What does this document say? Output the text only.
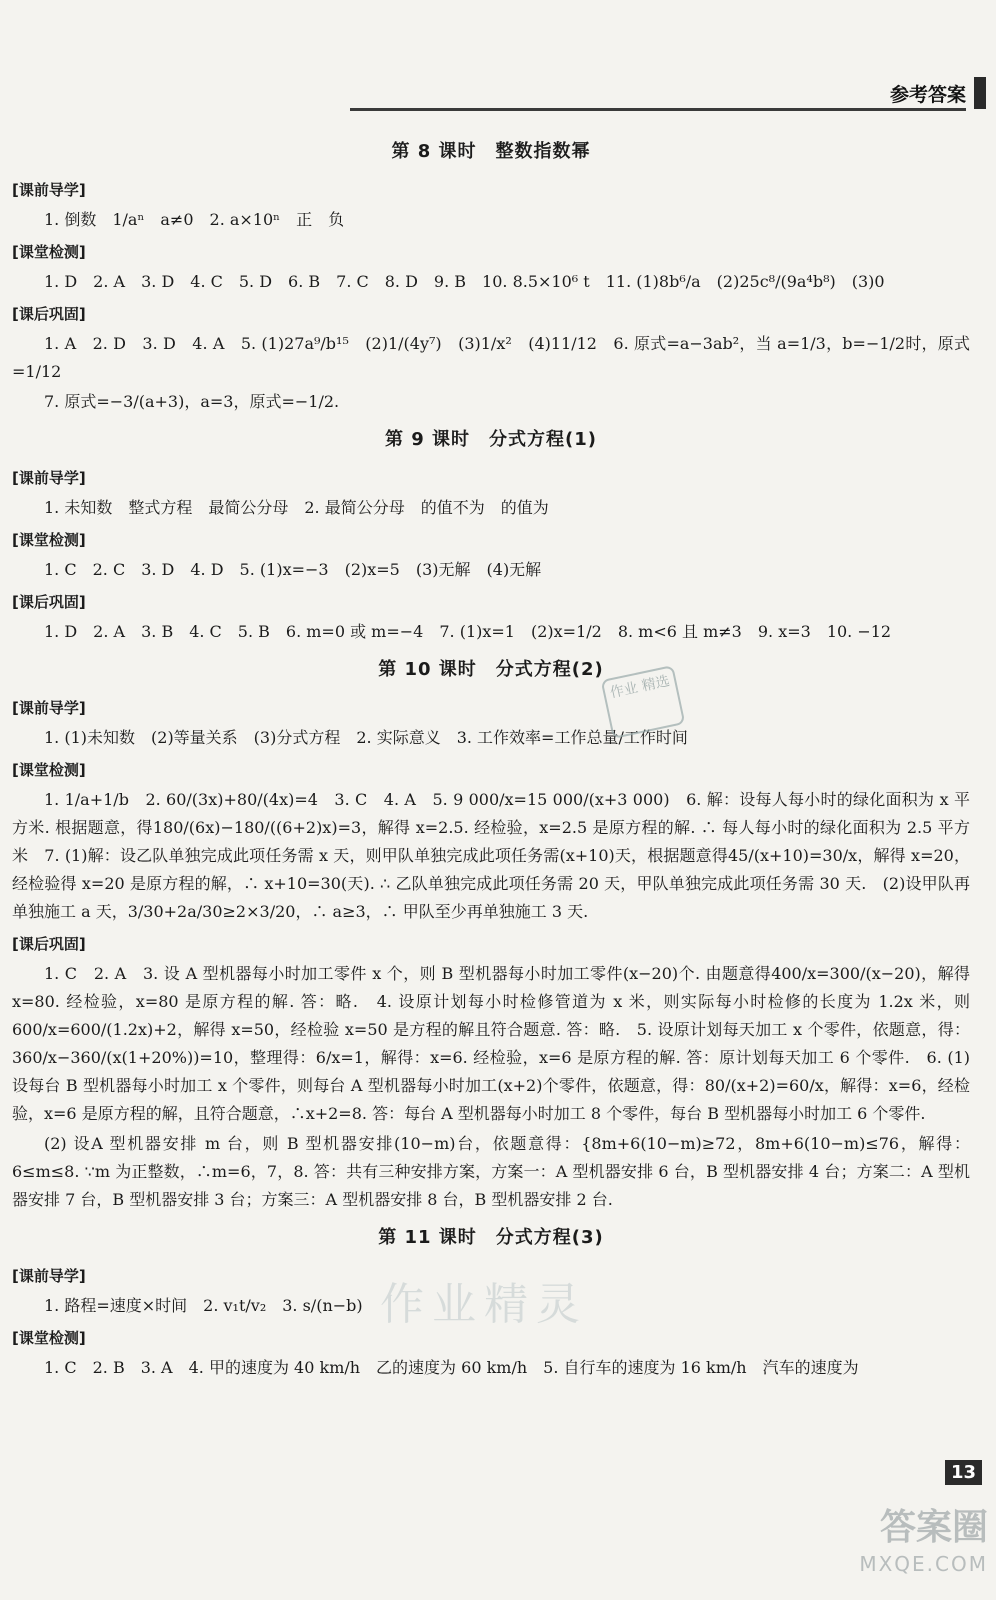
参考答案
第 8 课时　整数指数幂
[课前导学]
1. 倒数　1/aⁿ　a≠0　2. a×10ⁿ　正　负
[课堂检测]
1. D　2. A　3. D　4. C　5. D　6. B　7. C　8. D　9. B　10. 8.5×10⁶ t　11. (1)8b⁶/a　(2)25c⁸/(9a⁴b⁸)　(3)0
[课后巩固]
1. A　2. D　3. D　4. A　5. (1)27a⁹/b¹⁵　(2)1/(4y⁷)　(3)1/x²　(4)11/12　6. 原式=a−3ab²，当 a=1/3，b=−1/2时，原式=1/12
7. 原式=−3/(a+3)，a=3，原式=−1/2.
第 9 课时　分式方程(1)
[课前导学]
1. 未知数　整式方程　最简公分母　2. 最简公分母　的值不为　的值为
[课堂检测]
1. C　2. C　3. D　4. D　5. (1)x=−3　(2)x=5　(3)无解　(4)无解
[课后巩固]
1. D　2. A　3. B　4. C　5. B　6. m=0 或 m=−4　7. (1)x=1　(2)x=1/2　8. m<6 且 m≠3　9. x=3　10. −12
第 10 课时　分式方程(2)
[课前导学]
1. (1)未知数　(2)等量关系　(3)分式方程　2. 实际意义　3. 工作效率=工作总量/工作时间
[课堂检测]
1. 1/a+1/b　2. 60/(3x)+80/(4x)=4　3. C　4. A　5. 9 000/x=15 000/(x+3 000)　6. 解：设每人每小时的绿化面积为 x 平方米. 根据题意，得180/(6x)−180/((6+2)x)=3，解得 x=2.5. 经检验，x=2.5 是原方程的解. ∴ 每人每小时的绿化面积为 2.5 平方米　7. (1)解：设乙队单独完成此项任务需 x 天，则甲队单独完成此项任务需(x+10)天，根据题意得45/(x+10)=30/x，解得 x=20，经检验得 x=20 是原方程的解，∴ x+10=30(天). ∴ 乙队单独完成此项任务需 20 天，甲队单独完成此项任务需 30 天.　(2)设甲队再单独施工 a 天，3/30+2a/30≥2×3/20，∴ a≥3，∴ 甲队至少再单独施工 3 天.
[课后巩固]
1. C　2. A　3. 设 A 型机器每小时加工零件 x 个，则 B 型机器每小时加工零件(x−20)个. 由题意得400/x=300/(x−20)，解得 x=80. 经检验，x=80 是原方程的解. 答：略.　4. 设原计划每小时检修管道为 x 米，则实际每小时检修的长度为 1.2x 米，则600/x=600/(1.2x)+2，解得 x=50，经检验 x=50 是方程的解且符合题意. 答：略.　5. 设原计划每天加工 x 个零件，依题意，得：360/x−360/(x(1+20%))=10，整理得：6/x=1，解得：x=6. 经检验，x=6 是原方程的解. 答：原计划每天加工 6 个零件.　6. (1) 设每台 B 型机器每小时加工 x 个零件，则每台 A 型机器每小时加工(x+2)个零件，依题意，得：80/(x+2)=60/x，解得：x=6，经检验，x=6 是原方程的解，且符合题意，∴x+2=8. 答：每台 A 型机器每小时加工 8 个零件，每台 B 型机器每小时加工 6 个零件.
(2) 设A 型机器安排 m 台，则 B 型机器安排(10−m)台，依题意得：{8m+6(10−m)≥72，8m+6(10−m)≤76，解得：6≤m≤8. ∵m 为正整数，∴m=6，7，8. 答：共有三种安排方案，方案一：A 型机器安排 6 台，B 型机器安排 4 台；方案二：A 型机器安排 7 台，B 型机器安排 3 台；方案三：A 型机器安排 8 台，B 型机器安排 2 台.
第 11 课时　分式方程(3)
[课前导学]
1. 路程=速度×时间　2. v₁t/v₂　3. s/(n−b)
[课堂检测]
1. C　2. B　3. A　4. 甲的速度为 40 km/h　乙的速度为 60 km/h　5. 自行车的速度为 16 km/h　汽车的速度为
作业 精选
作业精灵
13
答案圈
MXQE.COM
